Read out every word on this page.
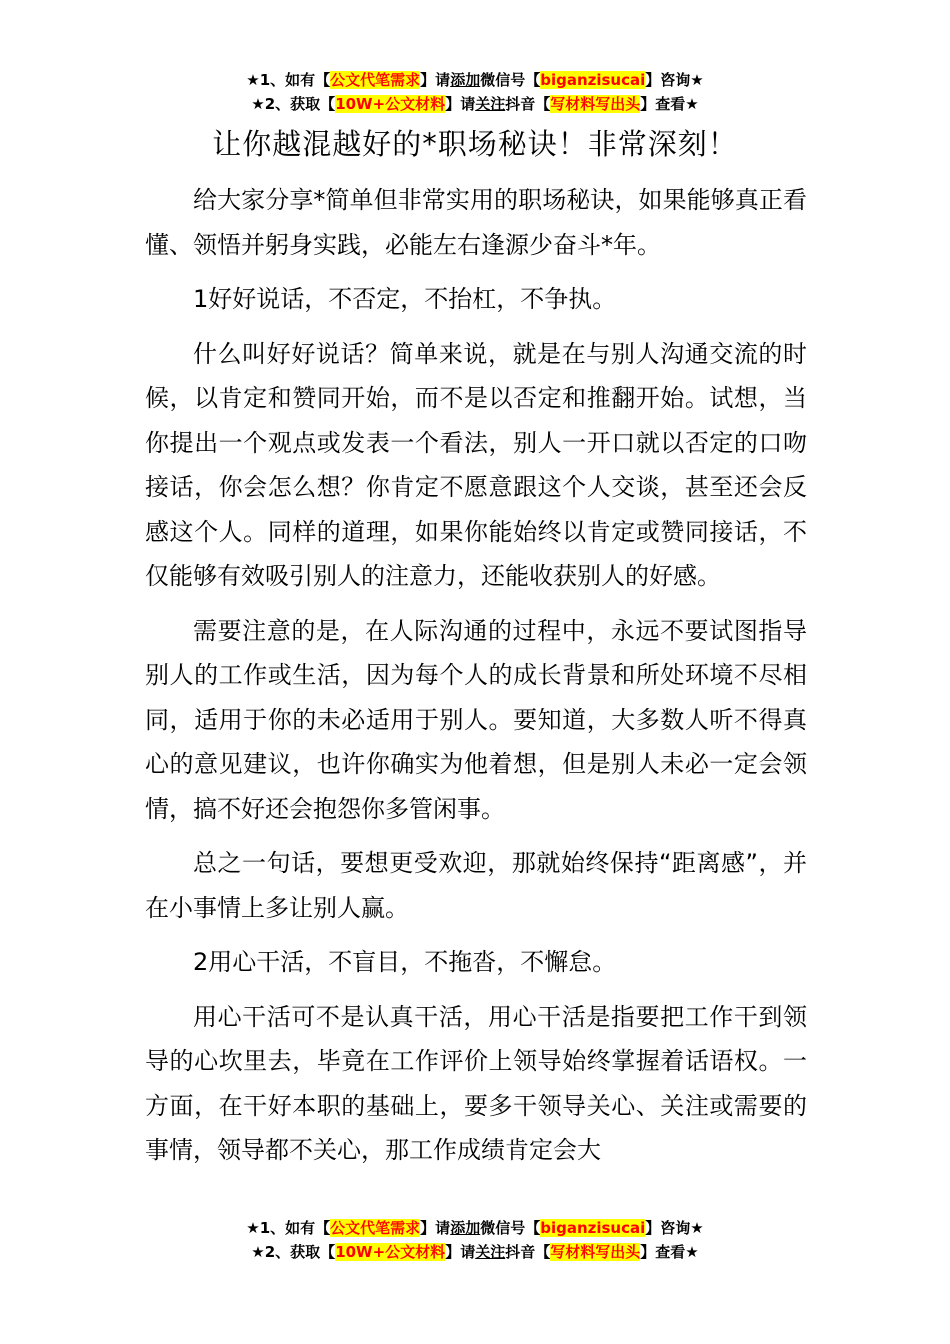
★1、如有【公文代笔需求】请添加微信号【biganzisucai】咨询★
★2、获取【10W+公文材料】请关注抖音【写材料写出头】查看★
让你越混越好的*职场秘诀！非常深刻！

给大家分享*简单但非常实用的职场秘诀，如果能够真正看懂、领悟并躬身实践，必能左右逢源少奋斗*年。

1好好说话，不否定，不抬杠，不争执。

什么叫好好说话？简单来说，就是在与别人沟通交流的时候，以肯定和赞同开始，而不是以否定和推翻开始。试想，当你提出一个观点或发表一个看法，别人一开口就以否定的口吻接话，你会怎么想？你肯定不愿意跟这个人交谈，甚至还会反感这个人。同样的道理，如果你能始终以肯定或赞同接话，不仅能够有效吸引别人的注意力，还能收获别人的好感。

需要注意的是，在人际沟通的过程中，永远不要试图指导别人的工作或生活，因为每个人的成长背景和所处环境不尽相同，适用于你的未必适用于别人。要知道，大多数人听不得真心的意见建议，也许你确实为他着想，但是别人未必一定会领情，搞不好还会抱怨你多管闲事。

总之一句话，要想更受欢迎，那就始终保持“距离感”，并在小事情上多让别人赢。

2用心干活，不盲目，不拖沓，不懈怠。

用心干活可不是认真干活，用心干活是指要把工作干到领导的心坎里去，毕竟在工作评价上领导始终掌握着话语权。一方面，在干好本职的基础上，要多干领导关心、关注或需要的事情，领导都不关心，那工作成绩肯定会大

★1、如有【公文代笔需求】请添加微信号【biganzisucai】咨询★
★2、获取【10W+公文材料】请关注抖音【写材料写出头】查看★
